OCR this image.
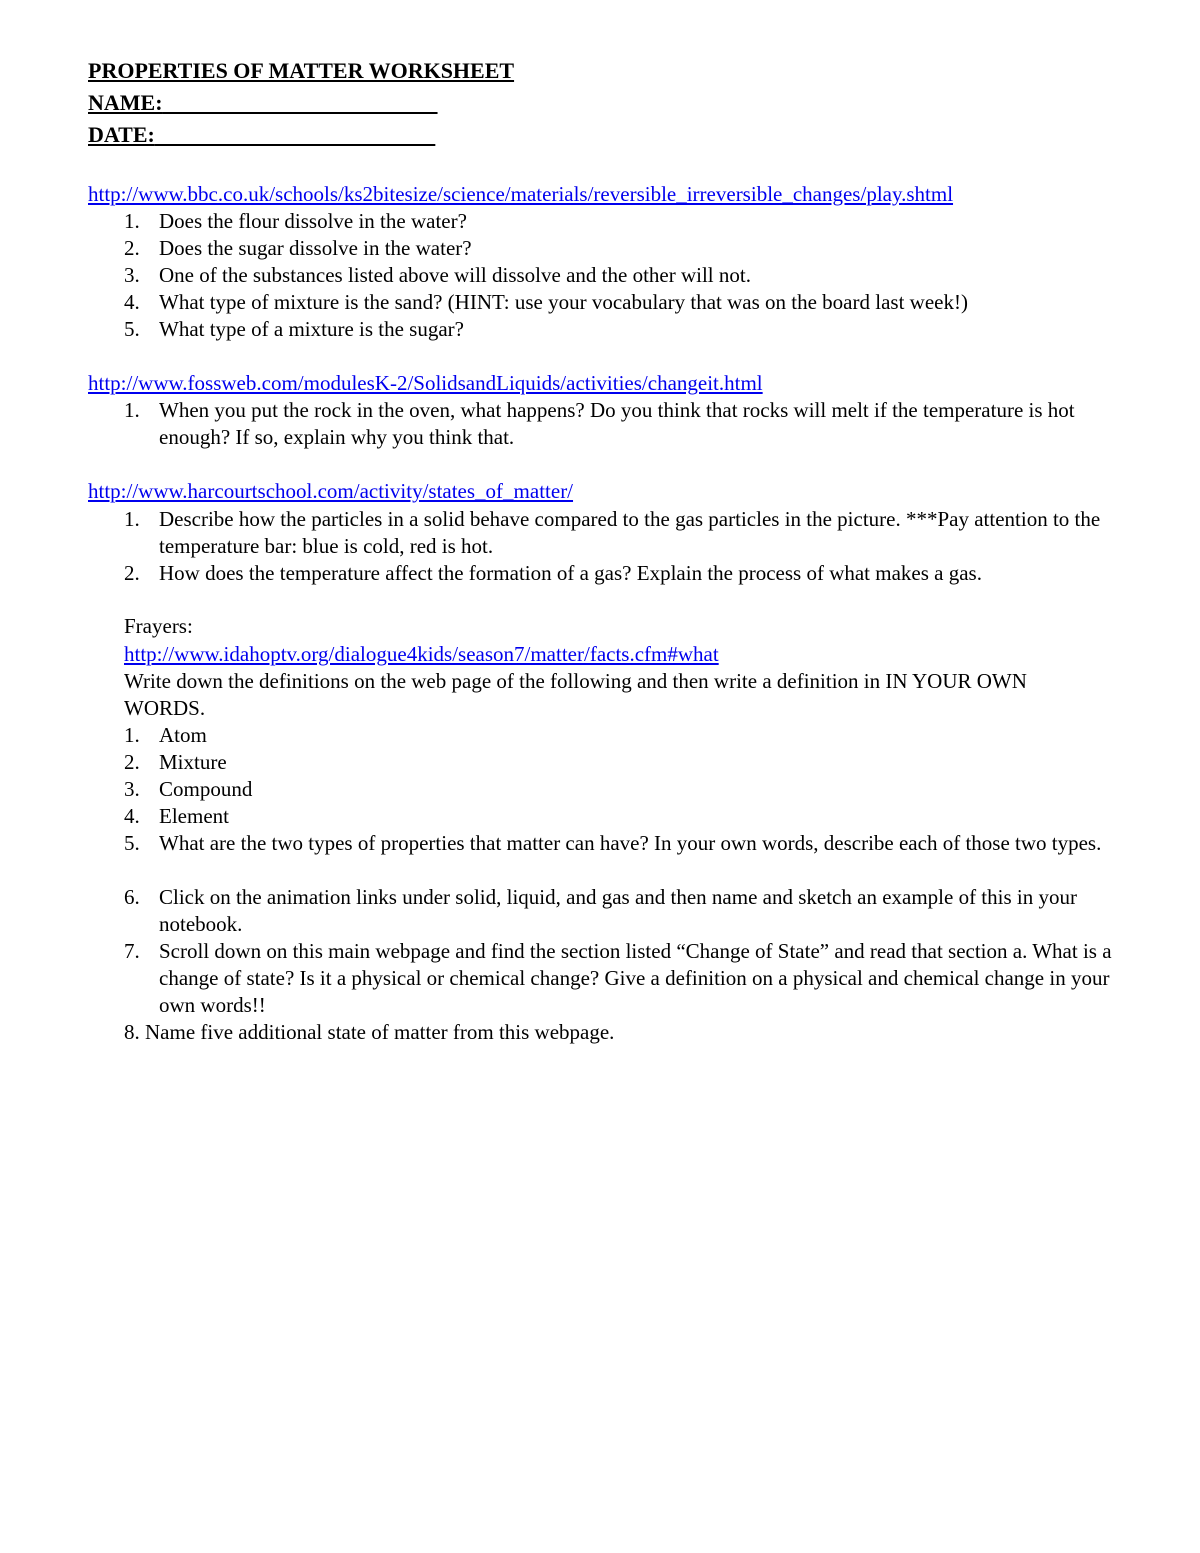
PROPERTIES OF MATTER WORKSHEET
NAME:
DATE:
http://www.bbc.co.uk/schools/ks2bitesize/science/materials/reversible_irreversible_changes/play.shtml
1. Does the flour dissolve in the water?
2. Does the sugar dissolve in the water?
3. One of the substances listed above will dissolve and the other will not.
4. What type of mixture is the sand? (HINT: use your vocabulary that was on the board last week!)
5. What type of a mixture is the sugar?
http://www.fossweb.com/modulesK-2/SolidsandLiquids/activities/changeit.html
1. When you put the rock in the oven, what happens? Do you think that rocks will melt if the temperature is hot enough? If so, explain why you think that.
http://www.harcourtschool.com/activity/states_of_matter/
1. Describe how the particles in a solid behave compared to the gas particles in the picture. ***Pay attention to the temperature bar: blue is cold, red is hot.
2. How does the temperature affect the formation of a gas? Explain the process of what makes a gas.
Frayers:
http://www.idahoptv.org/dialogue4kids/season7/matter/facts.cfm#what
Write down the definitions on the web page of the following and then write a definition in IN YOUR OWN WORDS.
1. Atom
2. Mixture
3. Compound
4. Element
5. What are the two types of properties that matter can have? In your own words, describe each of those two types.
6. Click on the animation links under solid, liquid, and gas and then name and sketch an example of this in your notebook.
7. Scroll down on this main webpage and find the section listed “Change of State” and read that section a. What is a change of state? Is it a physical or chemical change? Give a definition on a physical and chemical change in your own words!!
8. Name five additional state of matter from this webpage.
